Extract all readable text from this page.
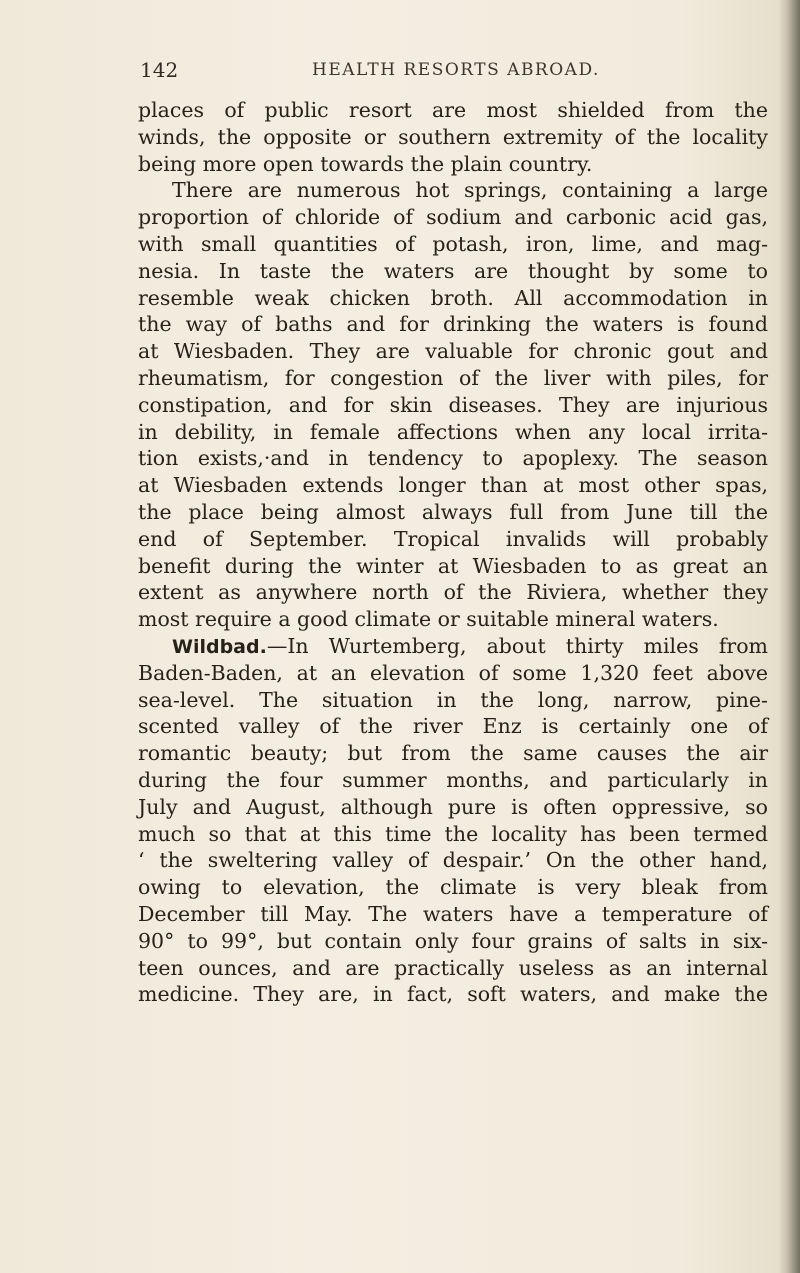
142	HEALTH RESORTS ABROAD.
places of public resort are most shielded from the
winds, the opposite or southern extremity of the locality
being more open towards the plain country.
There are numerous hot springs, containing a large
proportion of chloride of sodium and carbonic acid gas,
with small quantities of potash, iron, lime, and mag-
nesia. In taste the waters are thought by some to
resemble weak chicken broth. All accommodation in
the way of baths and for drinking the waters is found
at Wiesbaden. They are valuable for chronic gout and
rheumatism, for congestion of the liver with piles, for
constipation, and for skin diseases. They are injurious
in debility, in female affections when any local irrita-
tion exists,·and in tendency to apoplexy. The season
at Wiesbaden extends longer than at most other spas,
the place being almost always full from June till the
end of September. Tropical invalids will probably
benefit during the winter at Wiesbaden to as great an
extent as anywhere north of the Riviera, whether they
most require a good climate or suitable mineral waters.
Wildbad.—In Wurtemberg, about thirty miles from
Baden-Baden, at an elevation of some 1,320 feet above
sea-level. The situation in the long, narrow, pine-
scented valley of the river Enz is certainly one of
romantic beauty; but from the same causes the air
during the four summer months, and particularly in
July and August, although pure is often oppressive, so
much so that at this time the locality has been termed
‘ the sweltering valley of despair.’ On the other hand,
owing to elevation, the climate is very bleak from
December till May. The waters have a temperature of
90° to 99°, but contain only four grains of salts in six-
teen ounces, and are practically useless as an internal
medicine. They are, in fact, soft waters, and make the
